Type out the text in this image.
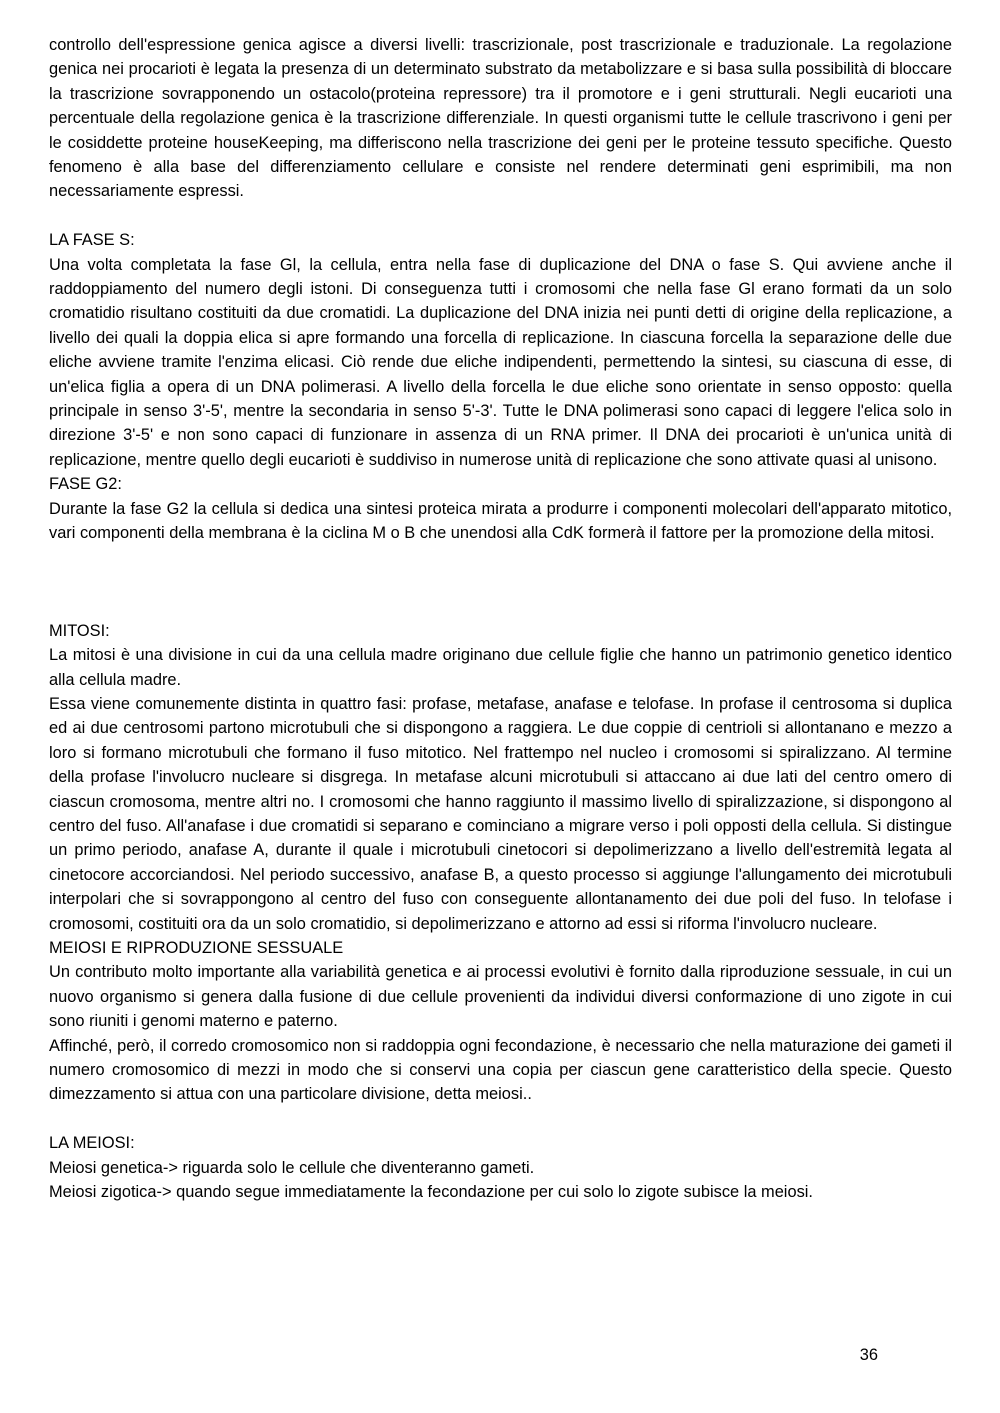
controllo dell'espressione genica agisce a diversi livelli: trascrizionale, post trascrizionale e traduzionale. La regolazione genica nei procarioti è legata la presenza di un determinato substrato da metabolizzare e si basa sulla possibilità di bloccare la trascrizione sovrapponendo un ostacolo(proteina repressore) tra il promotore e i geni strutturali. Negli eucarioti una percentuale della regolazione genica è la trascrizione differenziale. In questi organismi tutte le cellule trascrivono i geni per le cosiddette proteine houseKeeping, ma differiscono nella trascrizione dei geni per le proteine tessuto specifiche. Questo fenomeno è alla base del differenziamento cellulare e consiste nel rendere determinati geni esprimibili, ma non necessariamente espressi.

LA FASE S:

Una volta completata la fase Gl, la cellula, entra nella fase di duplicazione del DNA o fase S. Qui avviene anche il raddoppiamento del numero degli istoni. Di conseguenza tutti i cromosomi che nella fase Gl erano formati da un solo cromatidio risultano costituiti da due cromatidi. La duplicazione del DNA inizia nei punti detti di origine della replicazione, a livello dei quali la doppia elica si apre formando una forcella di replicazione. In ciascuna forcella la separazione delle due eliche avviene tramite l'enzima elicasi. Ciò rende due eliche indipendenti, permettendo la sintesi, su ciascuna di esse, di un'elica figlia a opera di un DNA polimerasi. A livello della forcella le due eliche sono orientate in senso opposto: quella principale in senso 3'-5', mentre la secondaria in senso 5'-3'. Tutte le DNA polimerasi sono capaci di leggere l'elica solo in direzione 3'-5' e non sono capaci di funzionare in assenza di un RNA primer. Il DNA dei procarioti è un'unica unità di replicazione, mentre quello degli eucarioti è suddiviso in numerose unità di replicazione che sono attivate quasi al unisono.

FASE G2:

Durante la fase G2 la cellula si dedica una sintesi proteica mirata a produrre i componenti molecolari dell'apparato mitotico, vari componenti della membrana è la ciclina M o B che unendosi alla CdK formerà il fattore per la promozione della mitosi.

MITOSI:

La mitosi è una divisione in cui da una cellula madre originano due cellule figlie che hanno un patrimonio genetico identico alla cellula madre.

Essa viene comunemente distinta in quattro fasi: profase, metafase, anafase e telofase. In profase il centrosoma si duplica ed ai due centrosomi partono microtubuli che si dispongono a raggiera. Le due coppie di centrioli si allontanano e mezzo a loro si formano microtubuli che formano il fuso mitotico. Nel frattempo nel nucleo i cromosomi si spiralizzano. Al termine della profase l'involucro nucleare si disgrega. In metafase alcuni microtubuli si attaccano ai due lati del centro omero di ciascun cromosoma, mentre altri no. I cromosomi che hanno raggiunto il massimo livello di spiralizzazione, si dispongono al centro del fuso. All'anafase i due cromatidi si separano e cominciano a migrare verso i poli opposti della cellula. Si distingue un primo periodo, anafase A, durante il quale i microtubuli cinetocori si depolimerizzano a livello dell'estremità legata al cinetocore accorciandosi. Nel periodo successivo, anafase B, a questo processo si aggiunge l'allungamento dei microtubuli interpolari che si sovrappongono al centro del fuso con conseguente allontanamento dei due poli del fuso. In telofase i cromosomi, costituiti ora da un solo cromatidio, si depolimerizzano e attorno ad essi si riforma l'involucro nucleare.

MEIOSI E RIPRODUZIONE SESSUALE

Un contributo molto importante alla variabilità genetica e ai processi evolutivi è fornito dalla riproduzione sessuale, in cui un nuovo organismo si genera dalla fusione di due cellule provenienti da individui diversi conformazione di uno zigote in cui sono riuniti i genomi materno e paterno.

Affinché, però, il corredo cromosomico non si raddoppia ogni fecondazione, è necessario che nella maturazione dei gameti il numero cromosomico di mezzi in modo che si conservi una copia per ciascun gene caratteristico della specie. Questo dimezzamento si attua con una particolare divisione, detta meiosi..

LA MEIOSI:

Meiosi genetica-> riguarda solo le cellule che diventeranno gameti.

Meiosi zigotica-> quando segue immediatamente la fecondazione per cui solo lo zigote subisce la meiosi.

36
